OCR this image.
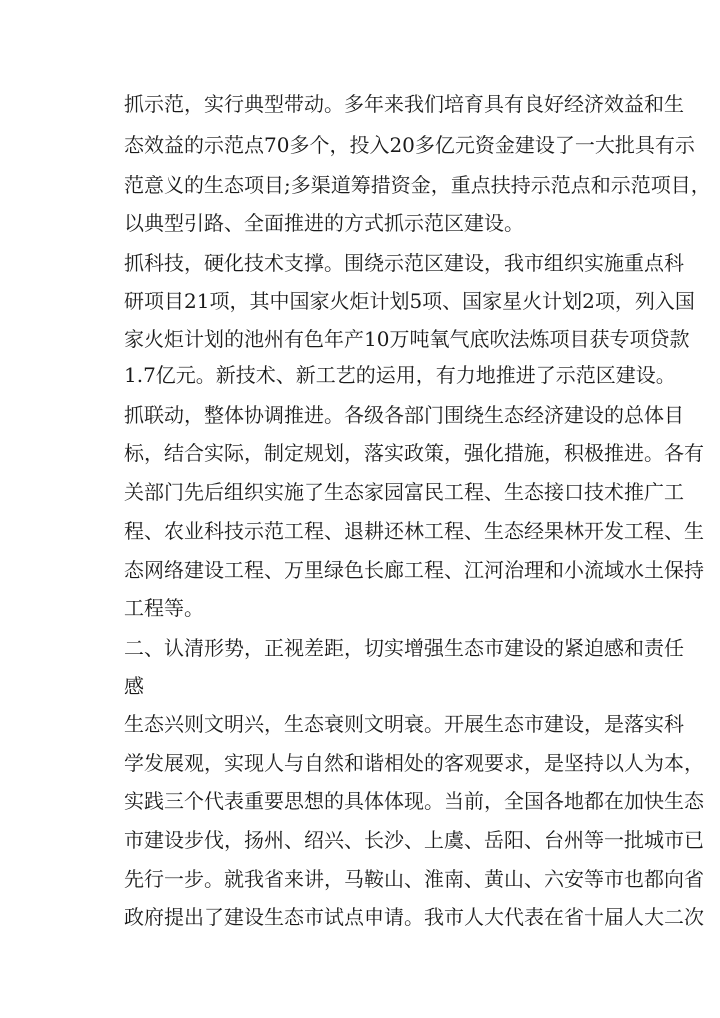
抓示范，实行典型带动。多年来我们培育具有良好经济效益和生
态效益的示范点70多个，投入20多亿元资金建设了一大批具有示
范意义的生态项目;多渠道筹措资金，重点扶持示范点和示范项目，
以典型引路、全面推进的方式抓示范区建设。
抓科技，硬化技术支撑。围绕示范区建设，我市组织实施重点科
研项目21项，其中国家火炬计划5项、国家星火计划2项，列入国
家火炬计划的池州有色年产10万吨氧气底吹法炼项目获专项贷款
1.7亿元。新技术、新工艺的运用，有力地推进了示范区建设。
抓联动，整体协调推进。各级各部门围绕生态经济建设的总体目
标，结合实际，制定规划，落实政策，强化措施，积极推进。各有
关部门先后组织实施了生态家园富民工程、生态接口技术推广工
程、农业科技示范工程、退耕还林工程、生态经果林开发工程、生
态网络建设工程、万里绿色长廊工程、江河治理和小流域水土保持
工程等。
二、认清形势，正视差距，切实增强生态市建设的紧迫感和责任
感
生态兴则文明兴，生态衰则文明衰。开展生态市建设，是落实科
学发展观，实现人与自然和谐相处的客观要求，是坚持以人为本，
实践三个代表重要思想的具体体现。当前，全国各地都在加快生态
市建设步伐，扬州、绍兴、长沙、上虞、岳阳、台州等一批城市已
先行一步。就我省来讲，马鞍山、淮南、黄山、六安等市也都向省
政府提出了建设生态市试点申请。我市人大代表在省十届人大二次
